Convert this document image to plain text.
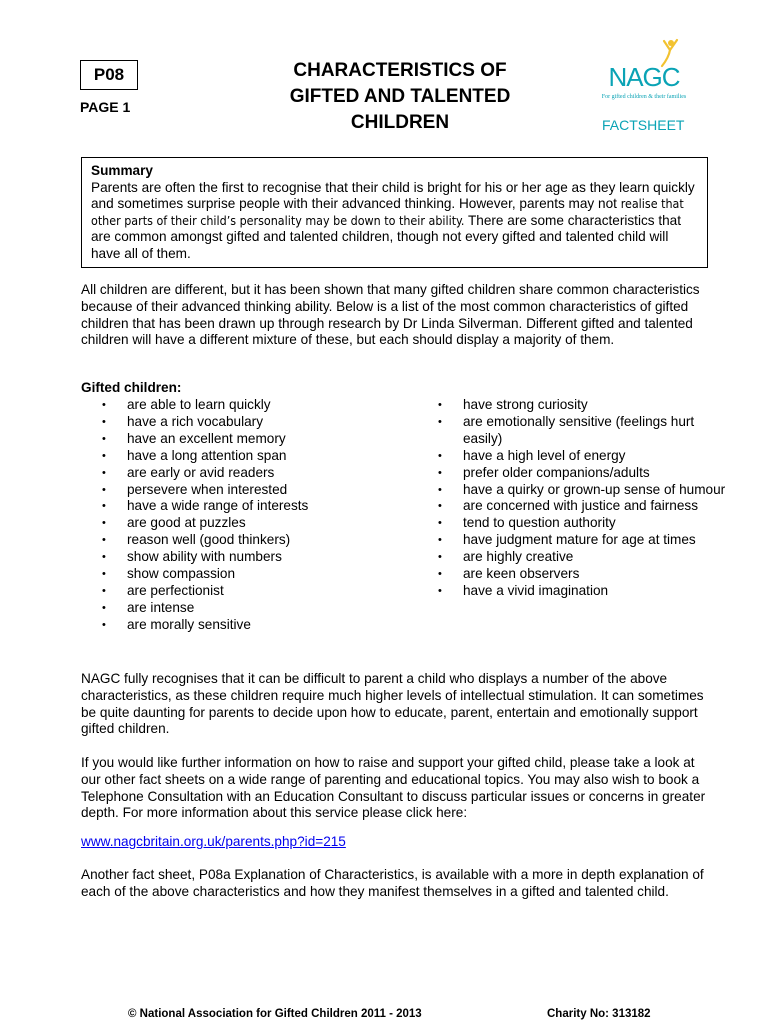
P08
PAGE 1
CHARACTERISTICS OF
GIFTED AND TALENTED
CHILDREN
NAGC
For gifted children & their families
FACTSHEET
Summary
Parents are often the first to recognise that their child is bright for his or her age as they learn quickly and sometimes surprise people with their advanced thinking. However, parents may not realise that other parts of their child’s personality may be down to their ability. There are some characteristics that are common amongst gifted and talented children, though not every gifted and talented child will have all of them.
All children are different, but it has been shown that many gifted children share common characteristics because of their advanced thinking ability. Below is a list of the most common characteristics of gifted children that has been drawn up through research by Dr Linda Silverman. Different gifted and talented children will have a different mixture of these, but each should display a majority of them.
Gifted children:
• are able to learn quickly
• have a rich vocabulary
• have an excellent memory
• have a long attention span
• are early or avid readers
• persevere when interested
• have a wide range of interests
• are good at puzzles
• reason well (good thinkers)
• show ability with numbers
• show compassion
• are perfectionist
• are intense
• are morally sensitive
• have strong curiosity
• are emotionally sensitive (feelings hurt easily)
• have a high level of energy
• prefer older companions/adults
• have a quirky or grown-up sense of humour
• are concerned with justice and fairness
• tend to question authority
• have judgment mature for age at times
• are highly creative
• are keen observers
• have a vivid imagination
NAGC fully recognises that it can be difficult to parent a child who displays a number of the above characteristics, as these children require much higher levels of intellectual stimulation. It can sometimes be quite daunting for parents to decide upon how to educate, parent, entertain and emotionally support gifted children.
If you would like further information on how to raise and support your gifted child, please take a look at our other fact sheets on a wide range of parenting and educational topics. You may also wish to book a Telephone Consultation with an Education Consultant to discuss particular issues or concerns in greater depth. For more information about this service please click here:
www.nagcbritain.org.uk/parents.php?id=215
Another fact sheet, P08a Explanation of Characteristics, is available with a more in depth explanation of each of the above characteristics and how they manifest themselves in a gifted and talented child.
© National Association for Gifted Children 2011 - 2013	Charity No: 313182
